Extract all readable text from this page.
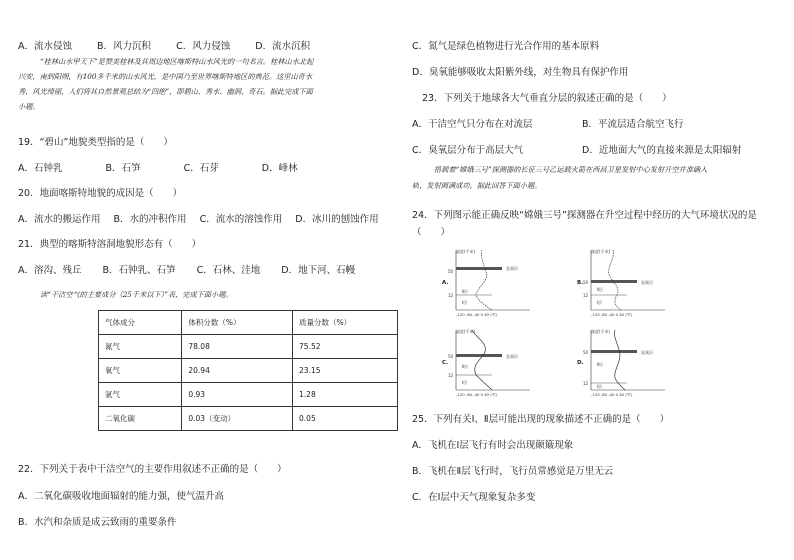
A．流水侵蚀	B．风力沉积	C．风力侵蚀	D．流水沉积
“桂林山水甲天下”是赞美桂林及其周边地区喀斯特山水风光的一句名言。桂林山水北起
兴安，南到阳朔，有100多千米的山水风光，是中国乃至世界喀斯特地区的典范。这里山奇水
秀，风光绮丽，人们将其自然景观总结为“四绝”，即碧山、秀水、幽洞、奇石。据此完成下面
小题。
19．“碧山”地貌类型指的是（　　）
A．石钟乳	B．石笋	C．石芽	D．峰林
20．地面喀斯特地貌的成因是（　　）
A．流水的搬运作用 B．水的冲积作用 C．流水的溶蚀作用 D．冰川的刨蚀作用
21．典型的喀斯特溶洞地貌形态有（　　）
A．溶沟、残丘 B．石钟乳、石笋 C．石林、洼地 D．地下河、石幔
读“干洁空气的主要成分（25千米以下）”表，完成下面小题。
气体成分	体积分数（%）	质量分数（%）
氮气	78.08	75.52
氧气	20.94	23.15
氩气	0.93	1.28
二氧化碳	0.03（变动）	0.05
22．下列关于表中干洁空气的主要作用叙述不正确的是（　　）
A．二氧化碳吸收地面辐射的能力强，使气温升高
B．水汽和杂质是成云致雨的重要条件
C．氮气是绿色植物进行光合作用的基本原料
D．臭氧能够吸收太阳紫外线，对生物具有保护作用
23．下列关于地球各大气垂直分层的叙述正确的是（　　）
A．干洁空气只分布在对流层	B．平流层适合航空飞行
C．臭氧层分布于高层大气	D．近地面大气的直接来源是太阳辐射
搭载着“嫦娥三号”探测器的长征三号乙运载火箭在西昌卫星发射中心发射升空并准确入
轨，发射圆满成功。据此回答下面小题。
24．下列图示能正确反映“嫦娥三号”探测器在升空过程中经历的大气环境状况的是
（　　）
高度(千米)
臭氧层
Ⅱ层
Ⅰ层
50
12
-120 -80 -40 0 40 (℃)
A.
高度(千米)
臭氧层
Ⅱ层
Ⅰ层
50
12
-120 -80 -40 0 40 (℃)
B.
高度(千米)
臭氧层
Ⅱ层
Ⅰ层
50
12
-120 -80 -40 0 40 (℃)
C.
高度(千米)
臭氧层
Ⅱ层
Ⅰ层
50
12
-120 -80 -40 0 40 (℃)
D.
25．下列有关Ⅰ、Ⅱ层可能出现的现象描述不正确的是（　　）
A．飞机在Ⅰ层飞行有时会出现颠簸现象
B．飞机在Ⅱ层飞行时，飞行员常感觉是万里无云
C．在Ⅰ层中天气现象复杂多变
